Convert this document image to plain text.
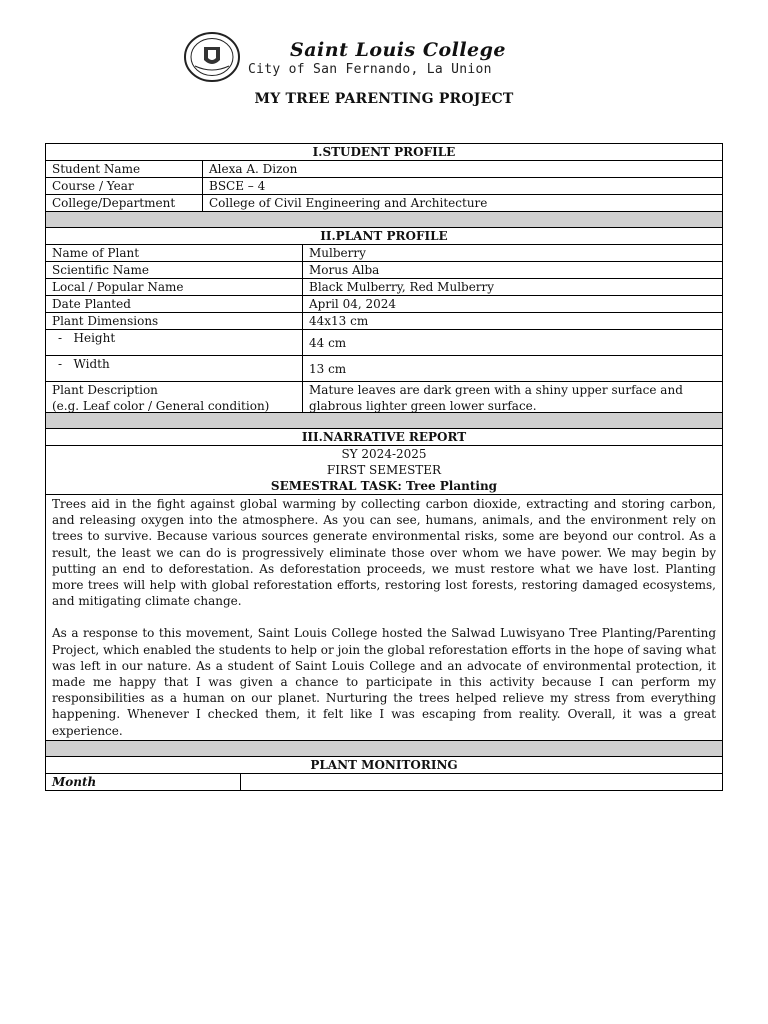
Saint Louis College
City of San Fernando, La Union
MY TREE PARENTING PROJECT
I.STUDENT PROFILE	
Student Name	Alexa A. Dizon
Course / Year	BSCE – 4
College/Department	College of Civil Engineering and Architecture

II.PLANT PROFILE	
Name of Plant	Mulberry
Scientific Name	Morus Alba
Local / Popular Name	Black Mulberry, Red Mulberry
Date Planted	April 04, 2024
Plant Dimensions	44x13 cm
-   Height	44 cm
-   Width	13 cm

Plant Description
(e.g. Leaf color / General condition)	Mature leaves are dark green with a shiny upper surface and glabrous lighter green lower surface.

III.NARRATIVE REPORT

SY 2024-2025
FIRST SEMESTER
SEMESTRAL TASK: Tree Planting

Trees aid in the fight against global warming by collecting carbon dioxide, extracting and storing carbon, and releasing oxygen into the atmosphere. As you can see, humans, animals, and the environment rely on trees to survive. Because various sources generate environmental risks, some are beyond our control. As a result, the least we can do is progressively eliminate those over whom we have power. We may begin by putting an end to deforestation. As deforestation proceeds, we must restore what we have lost. Planting more trees will help with global reforestation efforts, restoring lost forests, restoring damaged ecosystems, and mitigating climate change.

As a response to this movement, Saint Louis College hosted the Salwad Luwisyano Tree Planting/Parenting Project, which enabled the students to help or join the global reforestation efforts in the hope of saving what was left in our nature. As a student of Saint Louis College and an advocate of environmental protection, it made me happy that I was given a chance to participate in this activity because I can perform my responsibilities as a human on our planet. Nurturing the trees helped relieve my stress from everything happening. Whenever I checked them, it felt like I was escaping from reality. Overall, it was a great experience.

PLANT MONITORING
Month	
